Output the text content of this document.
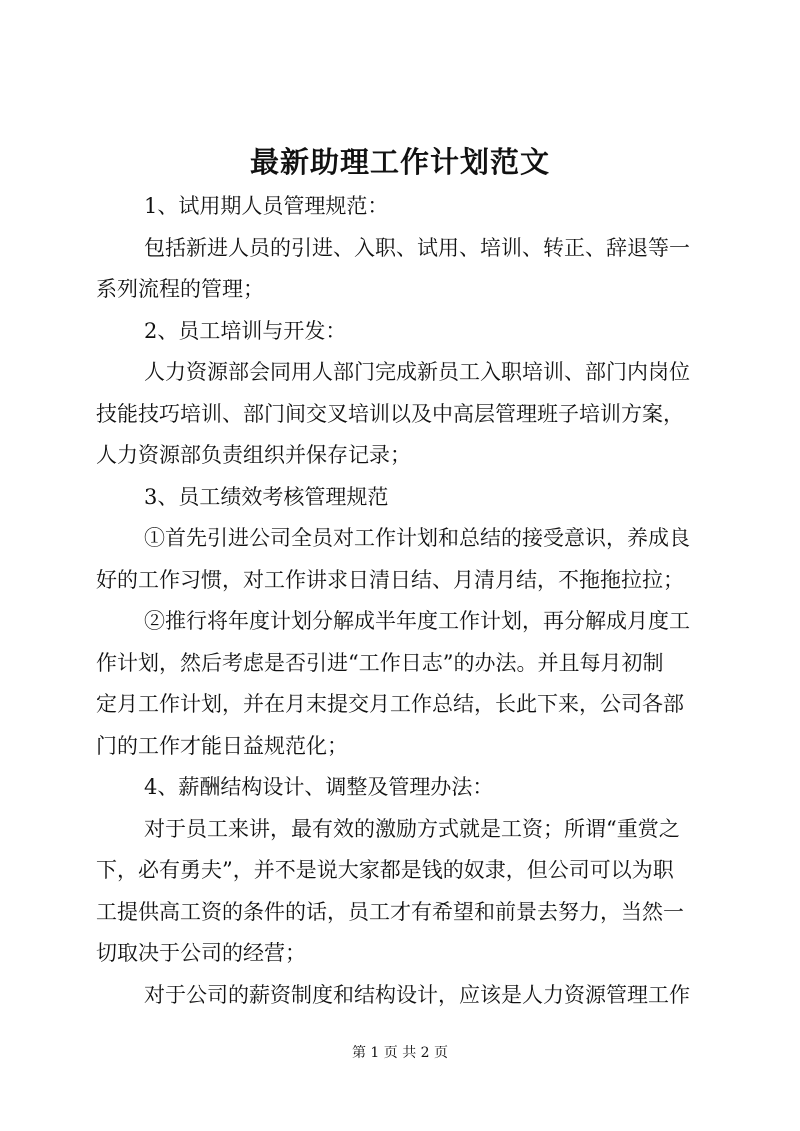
最新助理工作计划范文

1、试用期人员管理规范：

包括新进人员的引进、入职、试用、培训、转正、辞退等一

系列流程的管理；

2、员工培训与开发：

人力资源部会同用人部门完成新员工入职培训、部门内岗位

技能技巧培训、部门间交叉培训以及中高层管理班子培训方案，

人力资源部负责组织并保存记录；

3、员工绩效考核管理规范

①首先引进公司全员对工作计划和总结的接受意识，养成良

好的工作习惯，对工作讲求日清日结、月清月结，不拖拖拉拉；

②推行将年度计划分解成半年度工作计划，再分解成月度工

作计划，然后考虑是否引进“工作日志”的办法。并且每月初制

定月工作计划，并在月末提交月工作总结，长此下来，公司各部

门的工作才能日益规范化；

4、薪酬结构设计、调整及管理办法：

对于员工来讲，最有效的激励方式就是工资；所谓“重赏之

下，必有勇夫”，并不是说大家都是钱的奴隶，但公司可以为职

工提供高工资的条件的话，员工才有希望和前景去努力，当然一

切取决于公司的经营；

对于公司的薪资制度和结构设计，应该是人力资源管理工作

第 1 页 共 2 页
